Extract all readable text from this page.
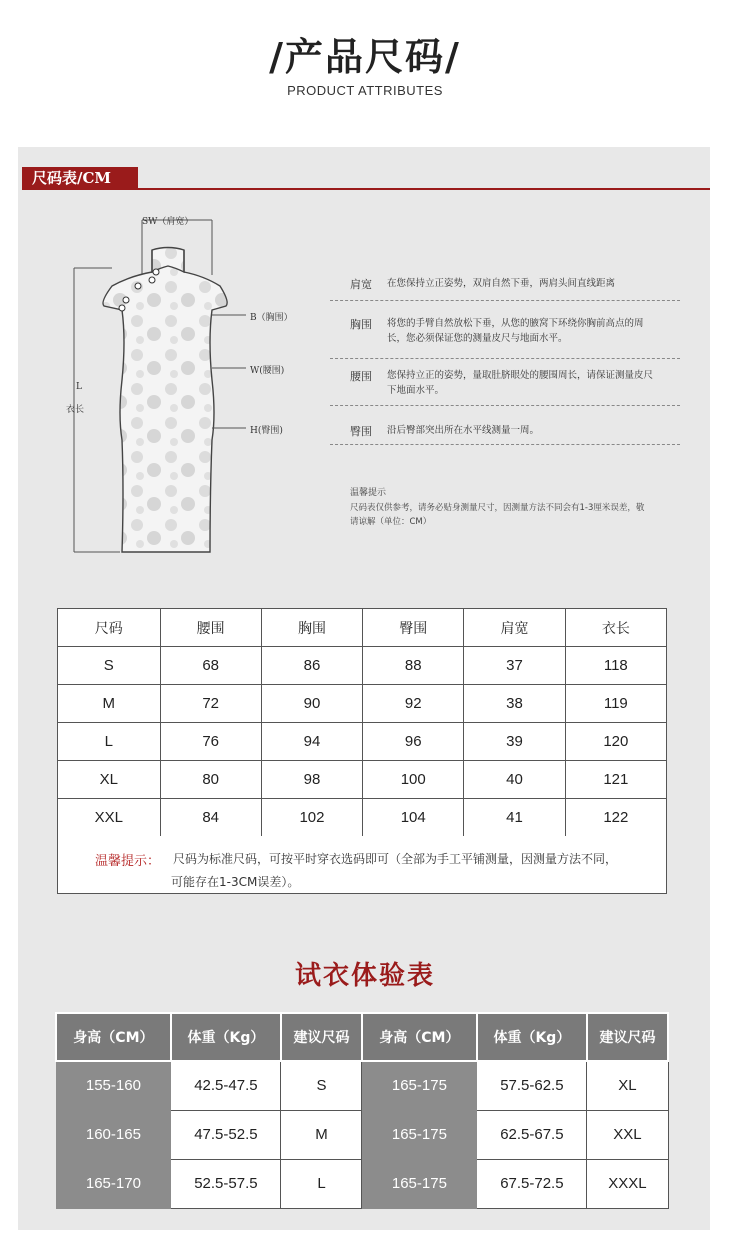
/产品尺码/
PRODUCT ATTRIBUTES
尺码表/CM
SW（肩宽）
B（胸围）
W(腰围)
H(臀围)
L
衣长
肩宽 在您保持立正姿势，双肩自然下垂，两肩头间直线距离
胸围 将您的手臂自然放松下垂，从您的腋窝下环绕你胸前高点的周长，您必须保证您的测量皮尺与地面水平。
腰围 您保持立正的姿势，量取肚脐眼处的腰围周长，请保证测量皮尺下地面水平。
臀围 沿后臀部突出所在水平线测量一周。
温馨提示
尺码表仅供参考，请务必贴身测量尺寸，因测量方法不同会有1-3厘米误差，敬请谅解（单位：CM）
尺码	腰围	胸围	臀围	肩宽	衣长
S	68	86	88	37	118
M	72	90	92	38	119
L	76	94	96	39	120
XL	80	98	100	40	121
XXL	84	102	104	41	122
温馨提示： 尺码为标准尺码，可按平时穿衣选码即可（全部为手工平铺测量，因测量方法不同，
可能存在1-3CM误差）。
试衣体验表
身高（CM）	体重（Kg）	建议尺码	身高（CM）	体重（Kg）	建议尺码
155-160	42.5-47.5	S	165-175	57.5-62.5	XL
160-165	47.5-52.5	M	165-175	62.5-67.5	XXL
165-170	52.5-57.5	L	165-175	67.5-72.5	XXXL
